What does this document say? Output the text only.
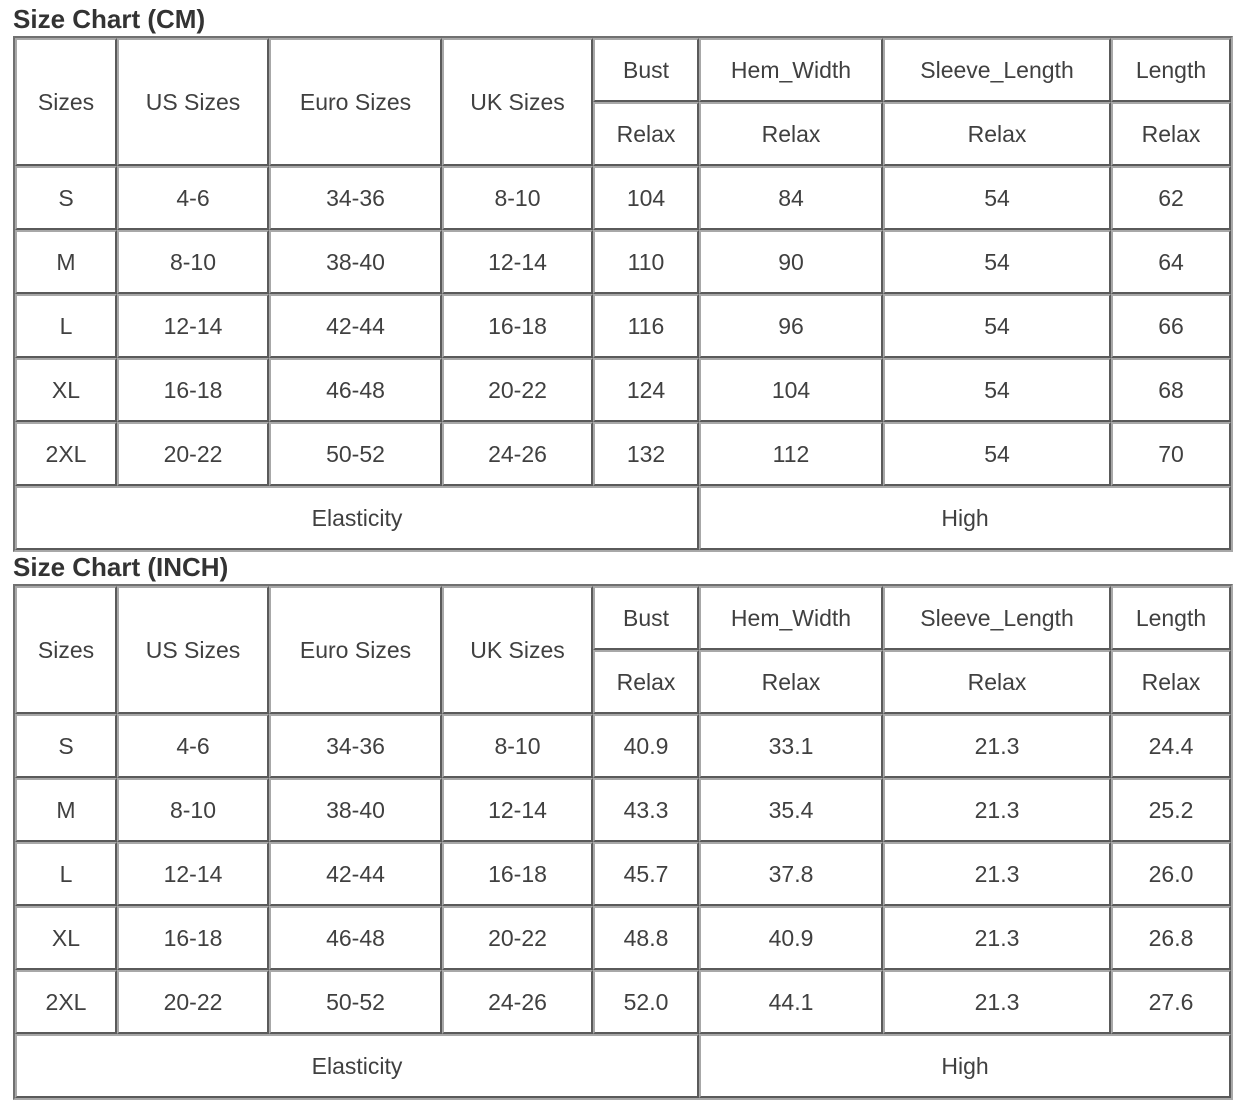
Size Chart (CM)
Sizes	US Sizes	Euro Sizes	UK Sizes	Bust	Hem_Width	Sleeve_Length	Length
				Relax	Relax	Relax	Relax
S	4-6	34-36	8-10	104	84	54	62
M	8-10	38-40	12-14	110	90	54	64
L	12-14	42-44	16-18	116	96	54	66
XL	16-18	46-48	20-22	124	104	54	68
2XL	20-22	50-52	24-26	132	112	54	70
Elasticity					High		
Size Chart (INCH)
Sizes	US Sizes	Euro Sizes	UK Sizes	Bust	Hem_Width	Sleeve_Length	Length
				Relax	Relax	Relax	Relax
S	4-6	34-36	8-10	40.9	33.1	21.3	24.4
M	8-10	38-40	12-14	43.3	35.4	21.3	25.2
L	12-14	42-44	16-18	45.7	37.8	21.3	26.0
XL	16-18	46-48	20-22	48.8	40.9	21.3	26.8
2XL	20-22	50-52	24-26	52.0	44.1	21.3	27.6
Elasticity					High		
